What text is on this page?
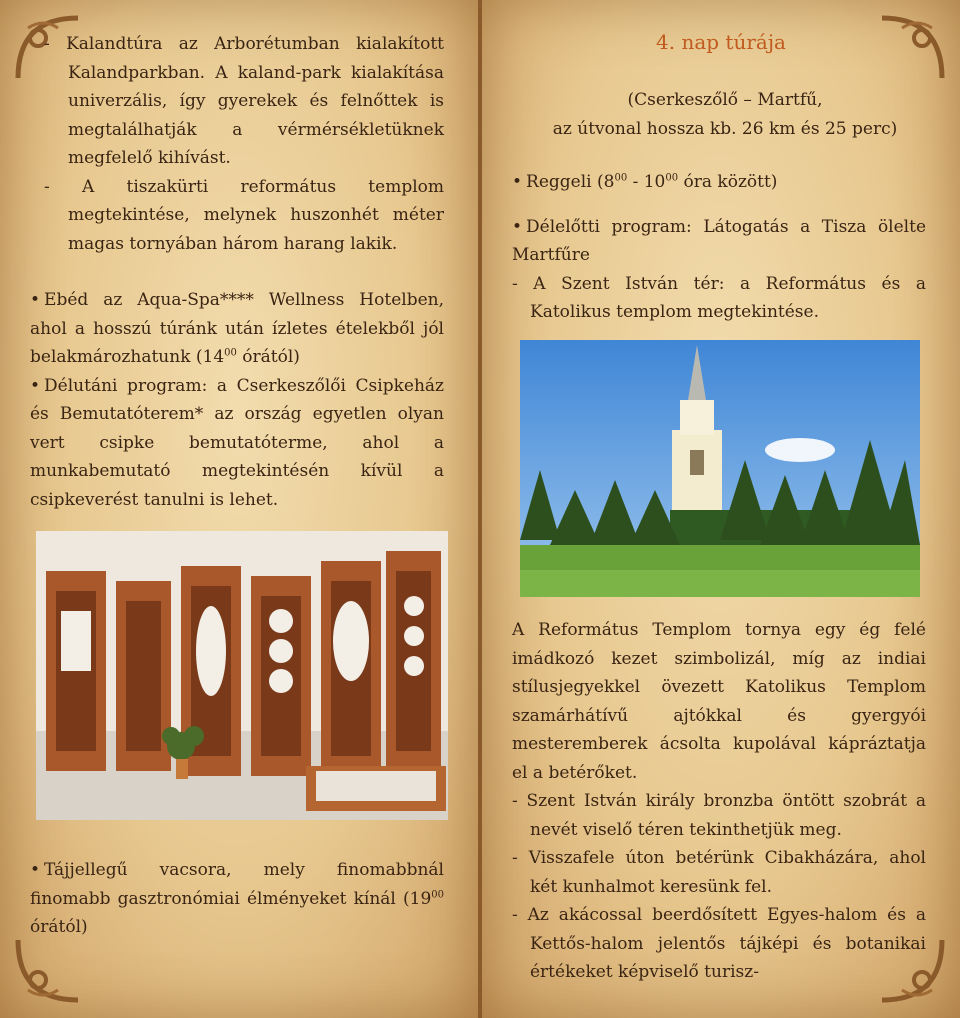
- Kalandtúra az Arborétumban kialakított Kalandparkban. A kaland-park kialakítása univerzális, így gyerekek és felnőttek is megtalálhatják a vérmérsékletüknek megfelelő kihívást.

- A tiszakürti református templom megtekintése, melynek huszonhét méter magas tornyában három harang lakik.

• Ebéd az Aqua-Spa**** Wellness Hotelben, ahol a hosszú túránk után ízletes ételekből jól belakmározhatunk ($14^{00}$ órától)

• Délutáni program: a Cserkeszőlői Csipkeház és Bemutatóterem* az ország egyetlen olyan vert csipke bemutatóterme, ahol a munkabemutató megtekintésén kívül a csipkeverést tanulni is lehet.

• Tájjellegű vacsora, mely finomabbnál finomabb gasztronómiai élményeket kínál ($19^{00}$ órától)

4. nap túrája

(Cserkeszőlő – Martfű,

az útvonal hossza kb. 26 km és 25 perc)

• Reggeli ($8^{00} - 10^{00}$ óra között)

• Délelőtti program: Látogatás a Tisza ölelte Martfűre

- A Szent István tér: a Református és a Katolikus templom megtekintése.

A Református Templom tornya egy ég felé imádkozó kezet szimbolizál, míg az indiai stílusjegyekkel övezett Katolikus Templom szamárhátívű ajtókkal és gyergyói mesteremberek ácsolta kupolával kápráztatja el a betérőket.

- Szent István király bronzba öntött szobrát a nevét viselő téren tekinthetjük meg.

- Visszafele úton betérünk Cibakházára, ahol két kunhalmot keresünk fel.

- Az akácossal beerdősített Egyes-halom és a Kettős-halom jelentős tájképi és botanikai értékeket képviselő turisz-
